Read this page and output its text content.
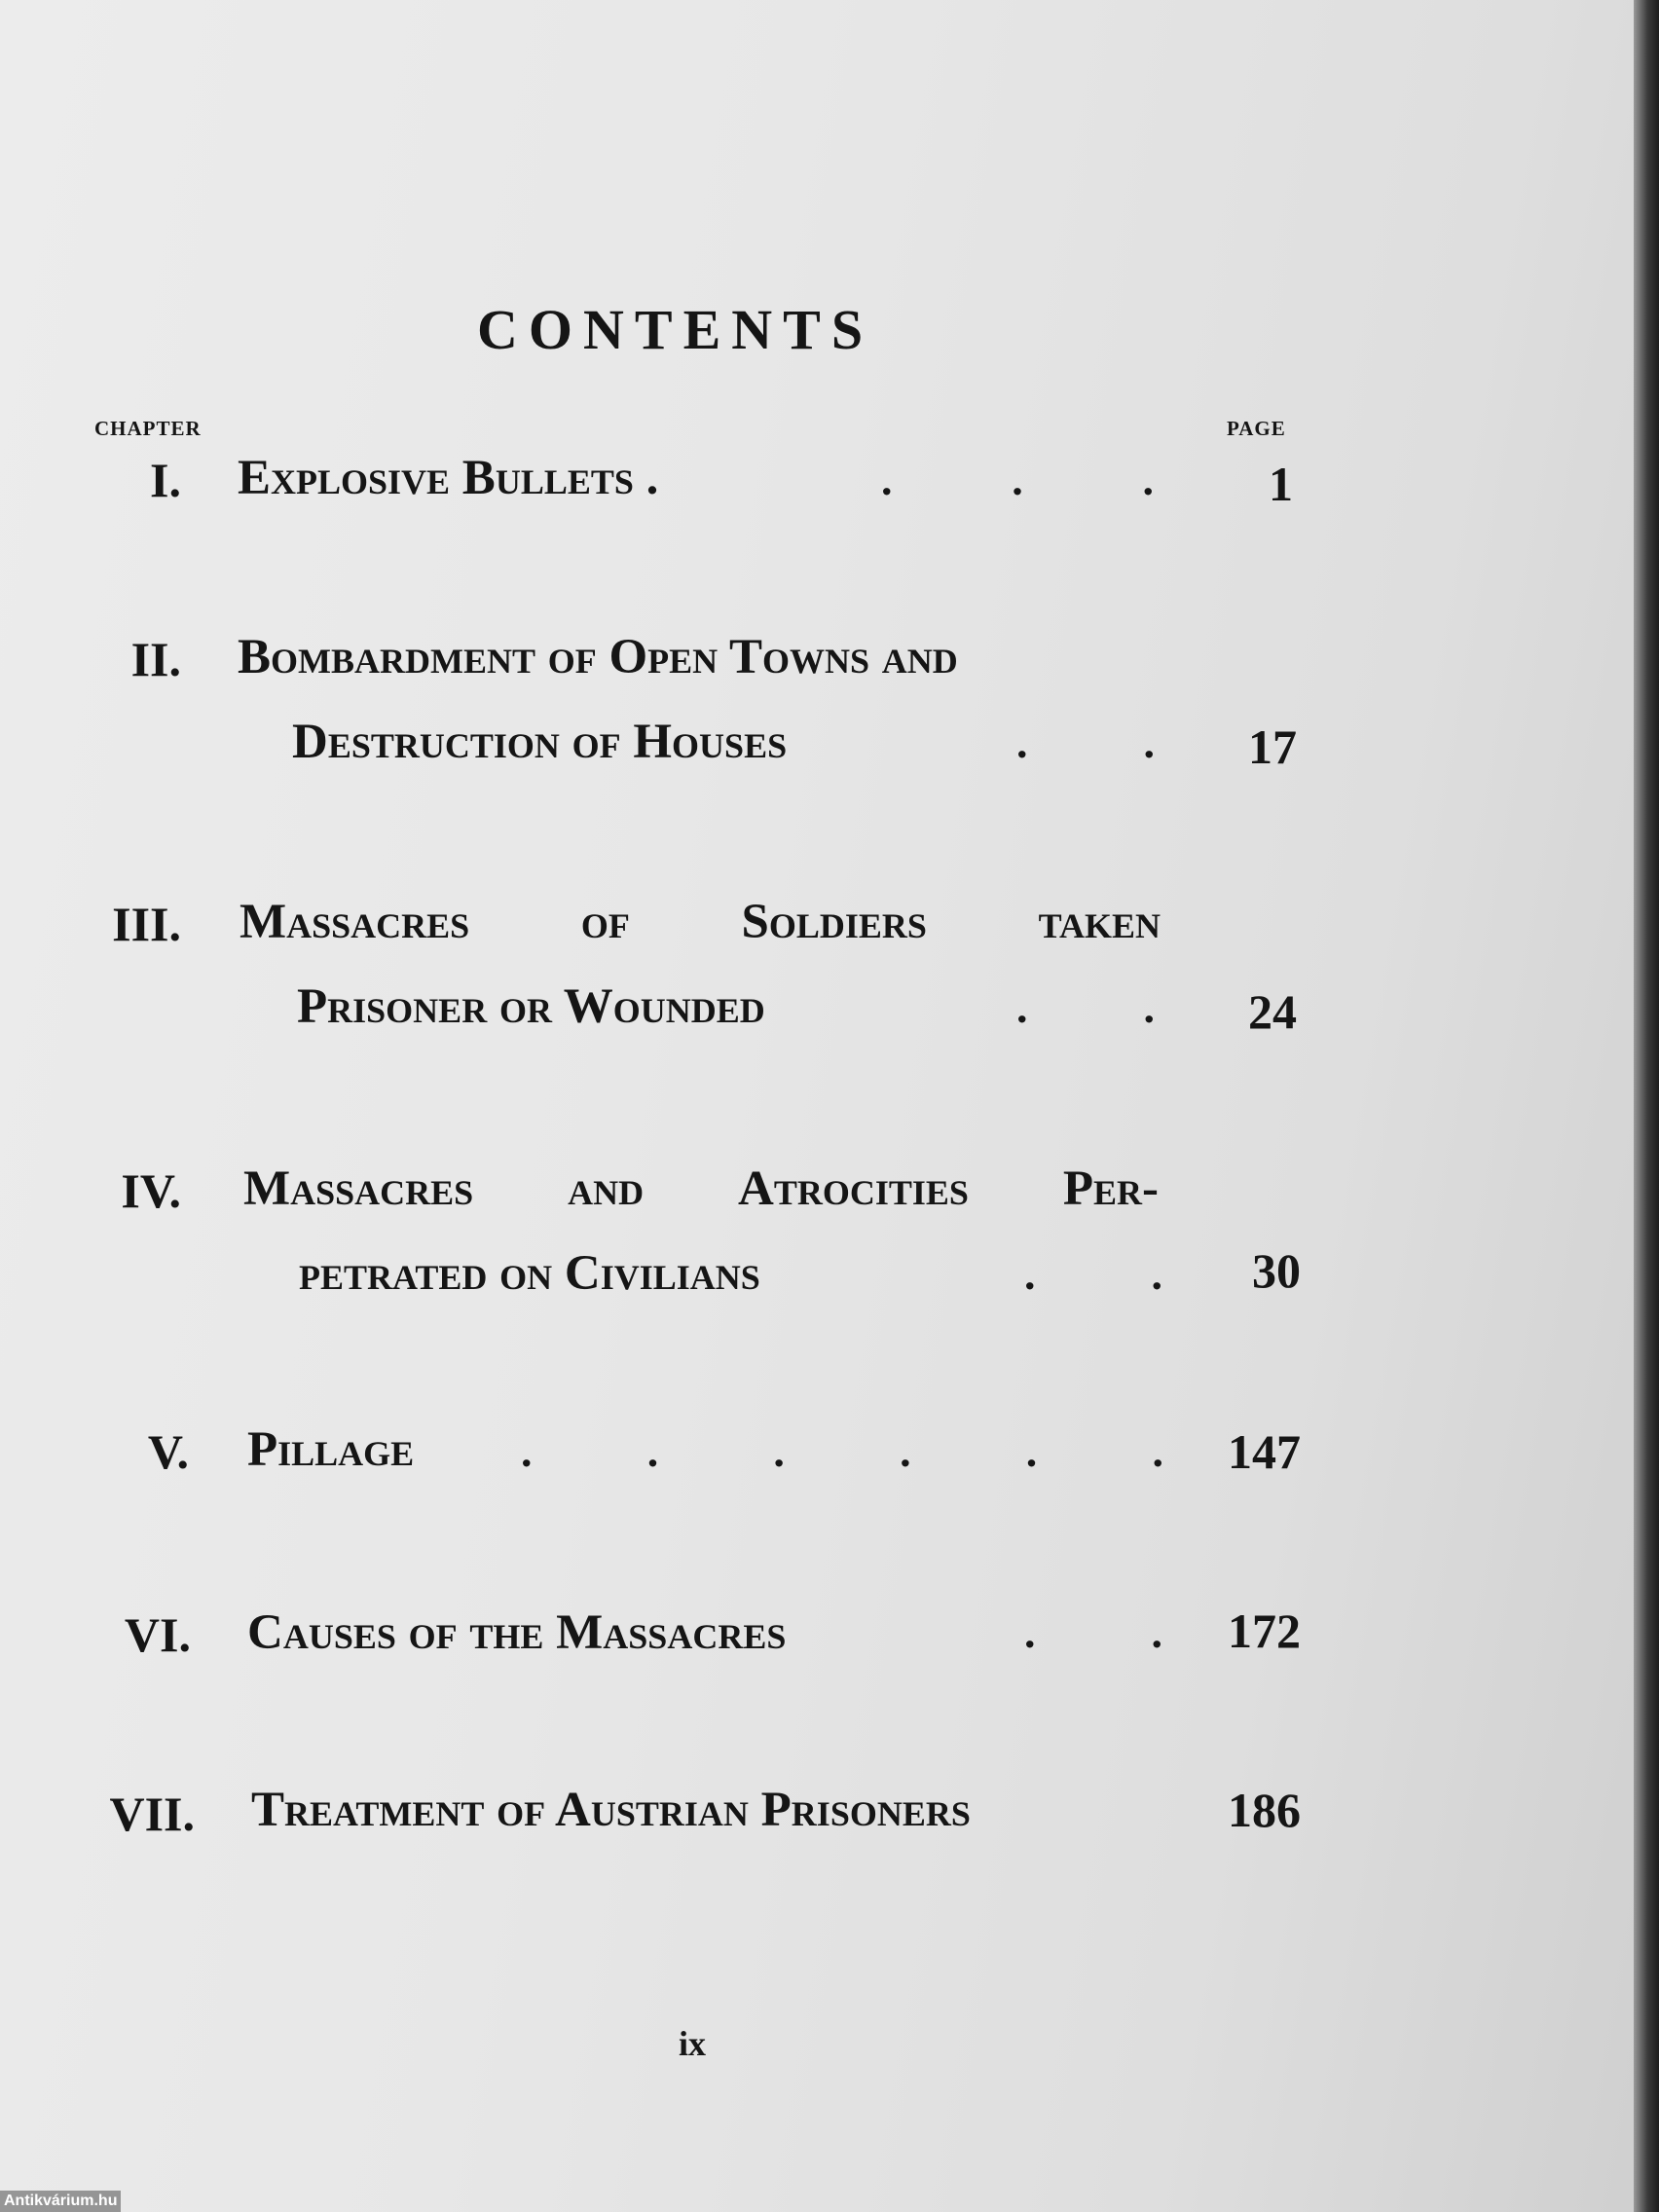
CONTENTS
CHAPTER	PAGE
I. Explosive Bullets .	.	.	.	1
II. Bombardment of Open Towns and
Destruction of Houses	.	.	17
III. Massacres of Soldiers taken
Prisoner or Wounded	.	.	24
IV. Massacres and Atrocities Per-
petrated on Civilians	.	.	30
V. Pillage .	.	.	.	.	.	147
VI. Causes of the Massacres	.	.	172
VII. Treatment of Austrian Prisoners	186
ix
Antikvárium.hu
